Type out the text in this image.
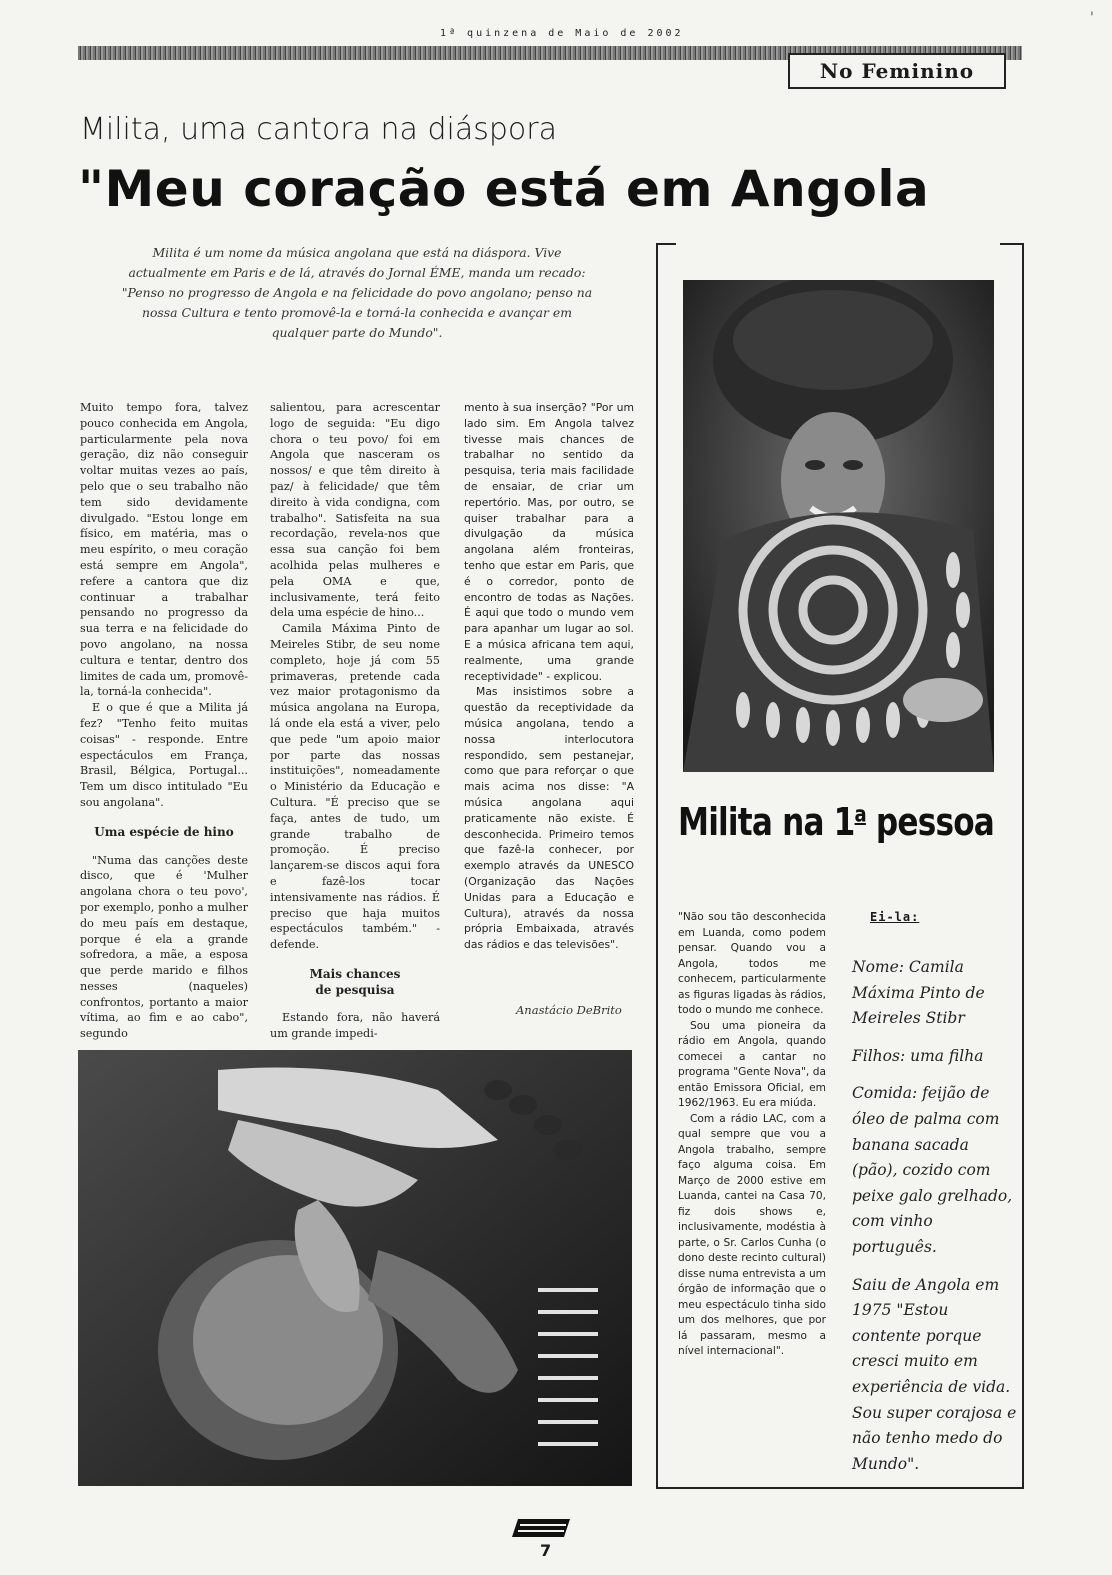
'
1ª quinzena de Maio de 2002
No Feminino
Milita, uma cantora na diáspora
"Meu coração está em Angola
Milita é um nome da música angolana que está na diáspora. Vive actualmente em Paris e de lá, através do Jornal ÉME, manda um recado: "Penso no progresso de Angola e na felicidade do povo angolano; penso na nossa Cultura e tento promovê-la e torná-la conhecida e avançar em qualquer parte do Mundo".

Muito tempo fora, talvez pouco conhecida em Angola, particularmente pela nova geração, diz não conseguir voltar muitas vezes ao país, pelo que o seu trabalho não tem sido devidamente divulgado. "Estou longe em físico, em matéria, mas o meu espírito, o meu coração está sempre em Angola", refere a cantora que diz continuar a trabalhar pensando no progresso da sua terra e na felicidade do povo angolano, na nossa cultura e tentar, dentro dos limites de cada um, promovê-la, torná-la conhecida".

E o que é que a Milita já fez? "Tenho feito muitas coisas" - responde. Entre espectáculos em França, Brasil, Bélgica, Portugal... Tem um disco intitulado "Eu sou angolana".

Uma espécie de hino

"Numa das canções deste disco, que é 'Mulher angolana chora o teu povo', por exemplo, ponho a mulher do meu país em destaque, porque é ela a grande sofredora, a mãe, a esposa que perde marido e filhos nesses (naqueles) confrontos, portanto a maior vítima, ao fim e ao cabo", segundo

salientou, para acrescentar logo de seguida: "Eu digo chora o teu povo/ foi em Angola que nasceram os nossos/ e que têm direito à paz/ à felicidade/ que têm direito à vida condigna, com trabalho". Satisfeita na sua recordação, revela-nos que essa sua canção foi bem acolhida pelas mulheres e pela OMA e que, inclusivamente, terá feito dela uma espécie de hino...

Camila Máxima Pinto de Meireles Stibr, de seu nome completo, hoje já com 55 primaveras, pretende cada vez maior protagonismo da música angolana na Europa, lá onde ela está a viver, pelo que pede "um apoio maior por parte das nossas instituições", nomeadamente o Ministério da Educação e Cultura. "É preciso que se faça, antes de tudo, um grande trabalho de promoção. É preciso lançarem-se discos aqui fora e fazê-los tocar intensivamente nas rádios. É preciso que haja muitos espectáculos também." - defende.

Mais chances
de pesquisa

Estando fora, não haverá um grande impedi-

mento à sua inserção? "Por um lado sim. Em Angola talvez tivesse mais chances de trabalhar no sentido da pesquisa, teria mais facilidade de ensaiar, de criar um repertório. Mas, por outro, se quiser trabalhar para a divulgação da música angolana além fronteiras, tenho que estar em Paris, que é o corredor, ponto de encontro de todas as Nações. É aqui que todo o mundo vem para apanhar um lugar ao sol. E a música africana tem aqui, realmente, uma grande receptividade" - explicou.

Mas insistimos sobre a questão da receptividade da música angolana, tendo a nossa interlocutora respondido, sem pestanejar, como que para reforçar o que mais acima nos disse: "A música angolana aqui praticamente não existe. É desconhecida. Primeiro temos que fazê-la conhecer, por exemplo através da UNESCO (Organização das Nações Unidas para a Educação e Cultura), através da nossa própria Embaixada, através das rádios e das televisões".

Anastácio DeBrito
Milita na 1$^a$ pessoa

"Não sou tão desconhecida em Luanda, como podem pensar. Quando vou a Angola, todos me conhecem, particularmente as figuras ligadas às rádios, todo o mundo me conhece.

Sou uma pioneira da rádio em Angola, quando comecei a cantar no programa "Gente Nova", da então Emissora Oficial, em 1962/1963. Eu era miúda.

Com a rádio LAC, com a qual sempre que vou a Angola trabalho, sempre faço alguma coisa. Em Março de 2000 estive em Luanda, cantei na Casa 70, fiz dois shows e, inclusivamente, modéstia à parte, o Sr. Carlos Cunha (o dono deste recinto cultural) disse numa entrevista a um órgão de informação que o meu espectáculo tinha sido um dos melhores, que por lá passaram, mesmo a nível internacional".

Ei-la:
Nome: Camila Máxima Pinto de Meireles Stibr
Filhos: uma filha
Comida: feijão de óleo de palma com banana sacada (pão), cozido com peixe galo grelhado, com vinho português.
Saiu de Angola em 1975 "Estou contente porque cresci muito em experiência de vida. Sou super corajosa e não tenho medo do Mundo".
7
